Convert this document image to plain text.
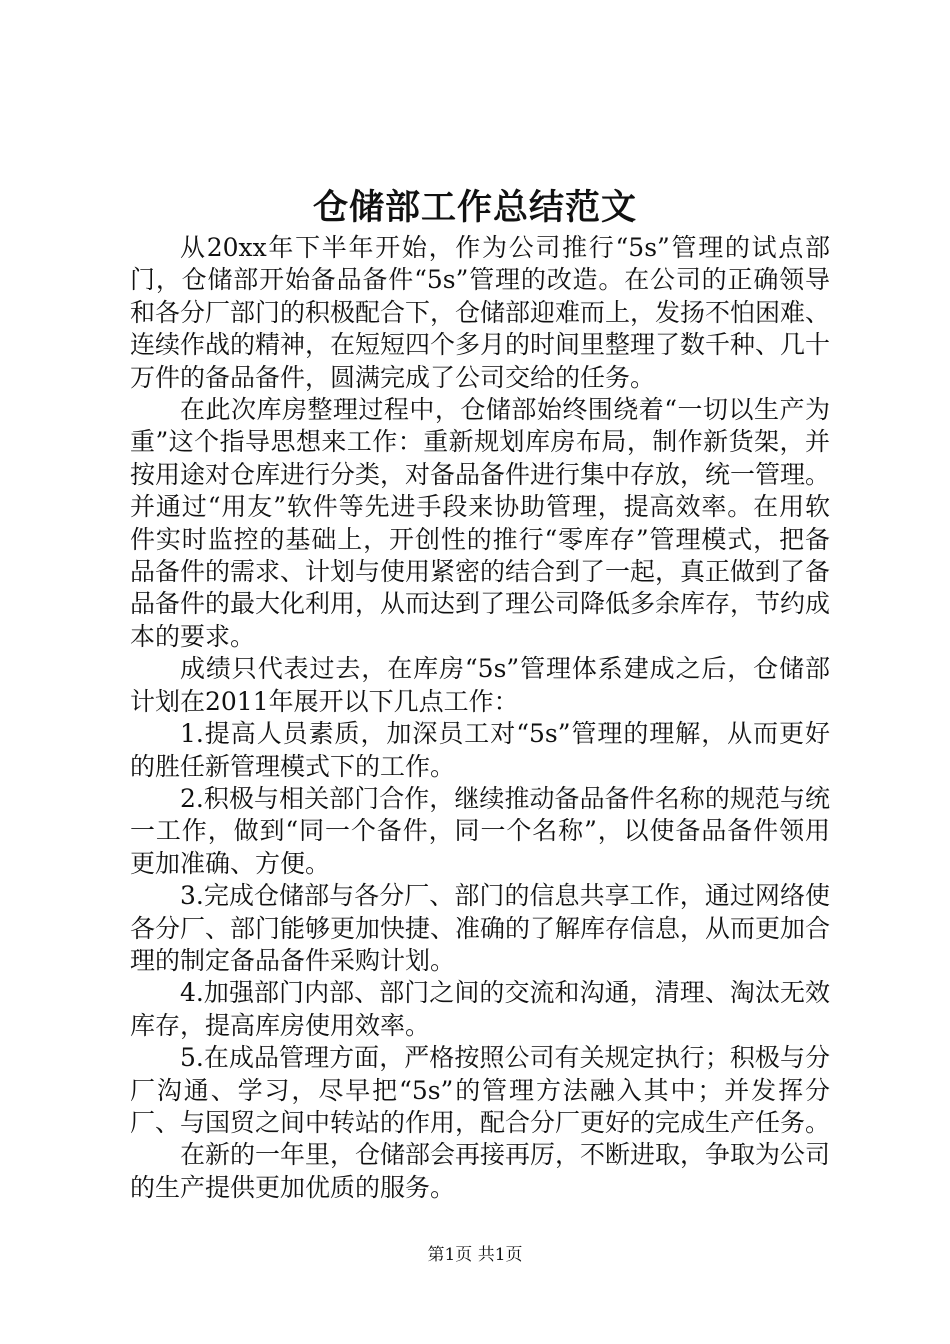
仓储部工作总结范文

从20xx年下半年开始，作为公司推行“5s”管理的试点部门，仓储部开始备品备件“5s”管理的改造。在公司的正确领导和各分厂部门的积极配合下，仓储部迎难而上，发扬不怕困难、连续作战的精神，在短短四个多月的时间里整理了数千种、几十万件的备品备件，圆满完成了公司交给的任务。

在此次库房整理过程中，仓储部始终围绕着“一切以生产为重”这个指导思想来工作：重新规划库房布局，制作新货架，并按用途对仓库进行分类，对备品备件进行集中存放，统一管理。并通过“用友”软件等先进手段来协助管理，提高效率。在用软件实时监控的基础上，开创性的推行“零库存”管理模式，把备品备件的需求、计划与使用紧密的结合到了一起，真正做到了备品备件的最大化利用，从而达到了理公司降低多余库存，节约成本的要求。

成绩只代表过去，在库房“5s”管理体系建成之后，仓储部计划在2011年展开以下几点工作：

1.提高人员素质，加深员工对“5s”管理的理解，从而更好的胜任新管理模式下的工作。

2.积极与相关部门合作，继续推动备品备件名称的规范与统一工作，做到“同一个备件，同一个名称”，以使备品备件领用更加准确、方便。

3.完成仓储部与各分厂、部门的信息共享工作，通过网络使各分厂、部门能够更加快捷、准确的了解库存信息，从而更加合理的制定备品备件采购计划。

4.加强部门内部、部门之间的交流和沟通，清理、淘汰无效库存，提高库房使用效率。

5.在成品管理方面，严格按照公司有关规定执行；积极与分厂沟通、学习，尽早把“5s”的管理方法融入其中；并发挥分厂、与国贸之间中转站的作用，配合分厂更好的完成生产任务。

在新的一年里，仓储部会再接再厉，不断进取，争取为公司的生产提供更加优质的服务。

第1页 共1页
